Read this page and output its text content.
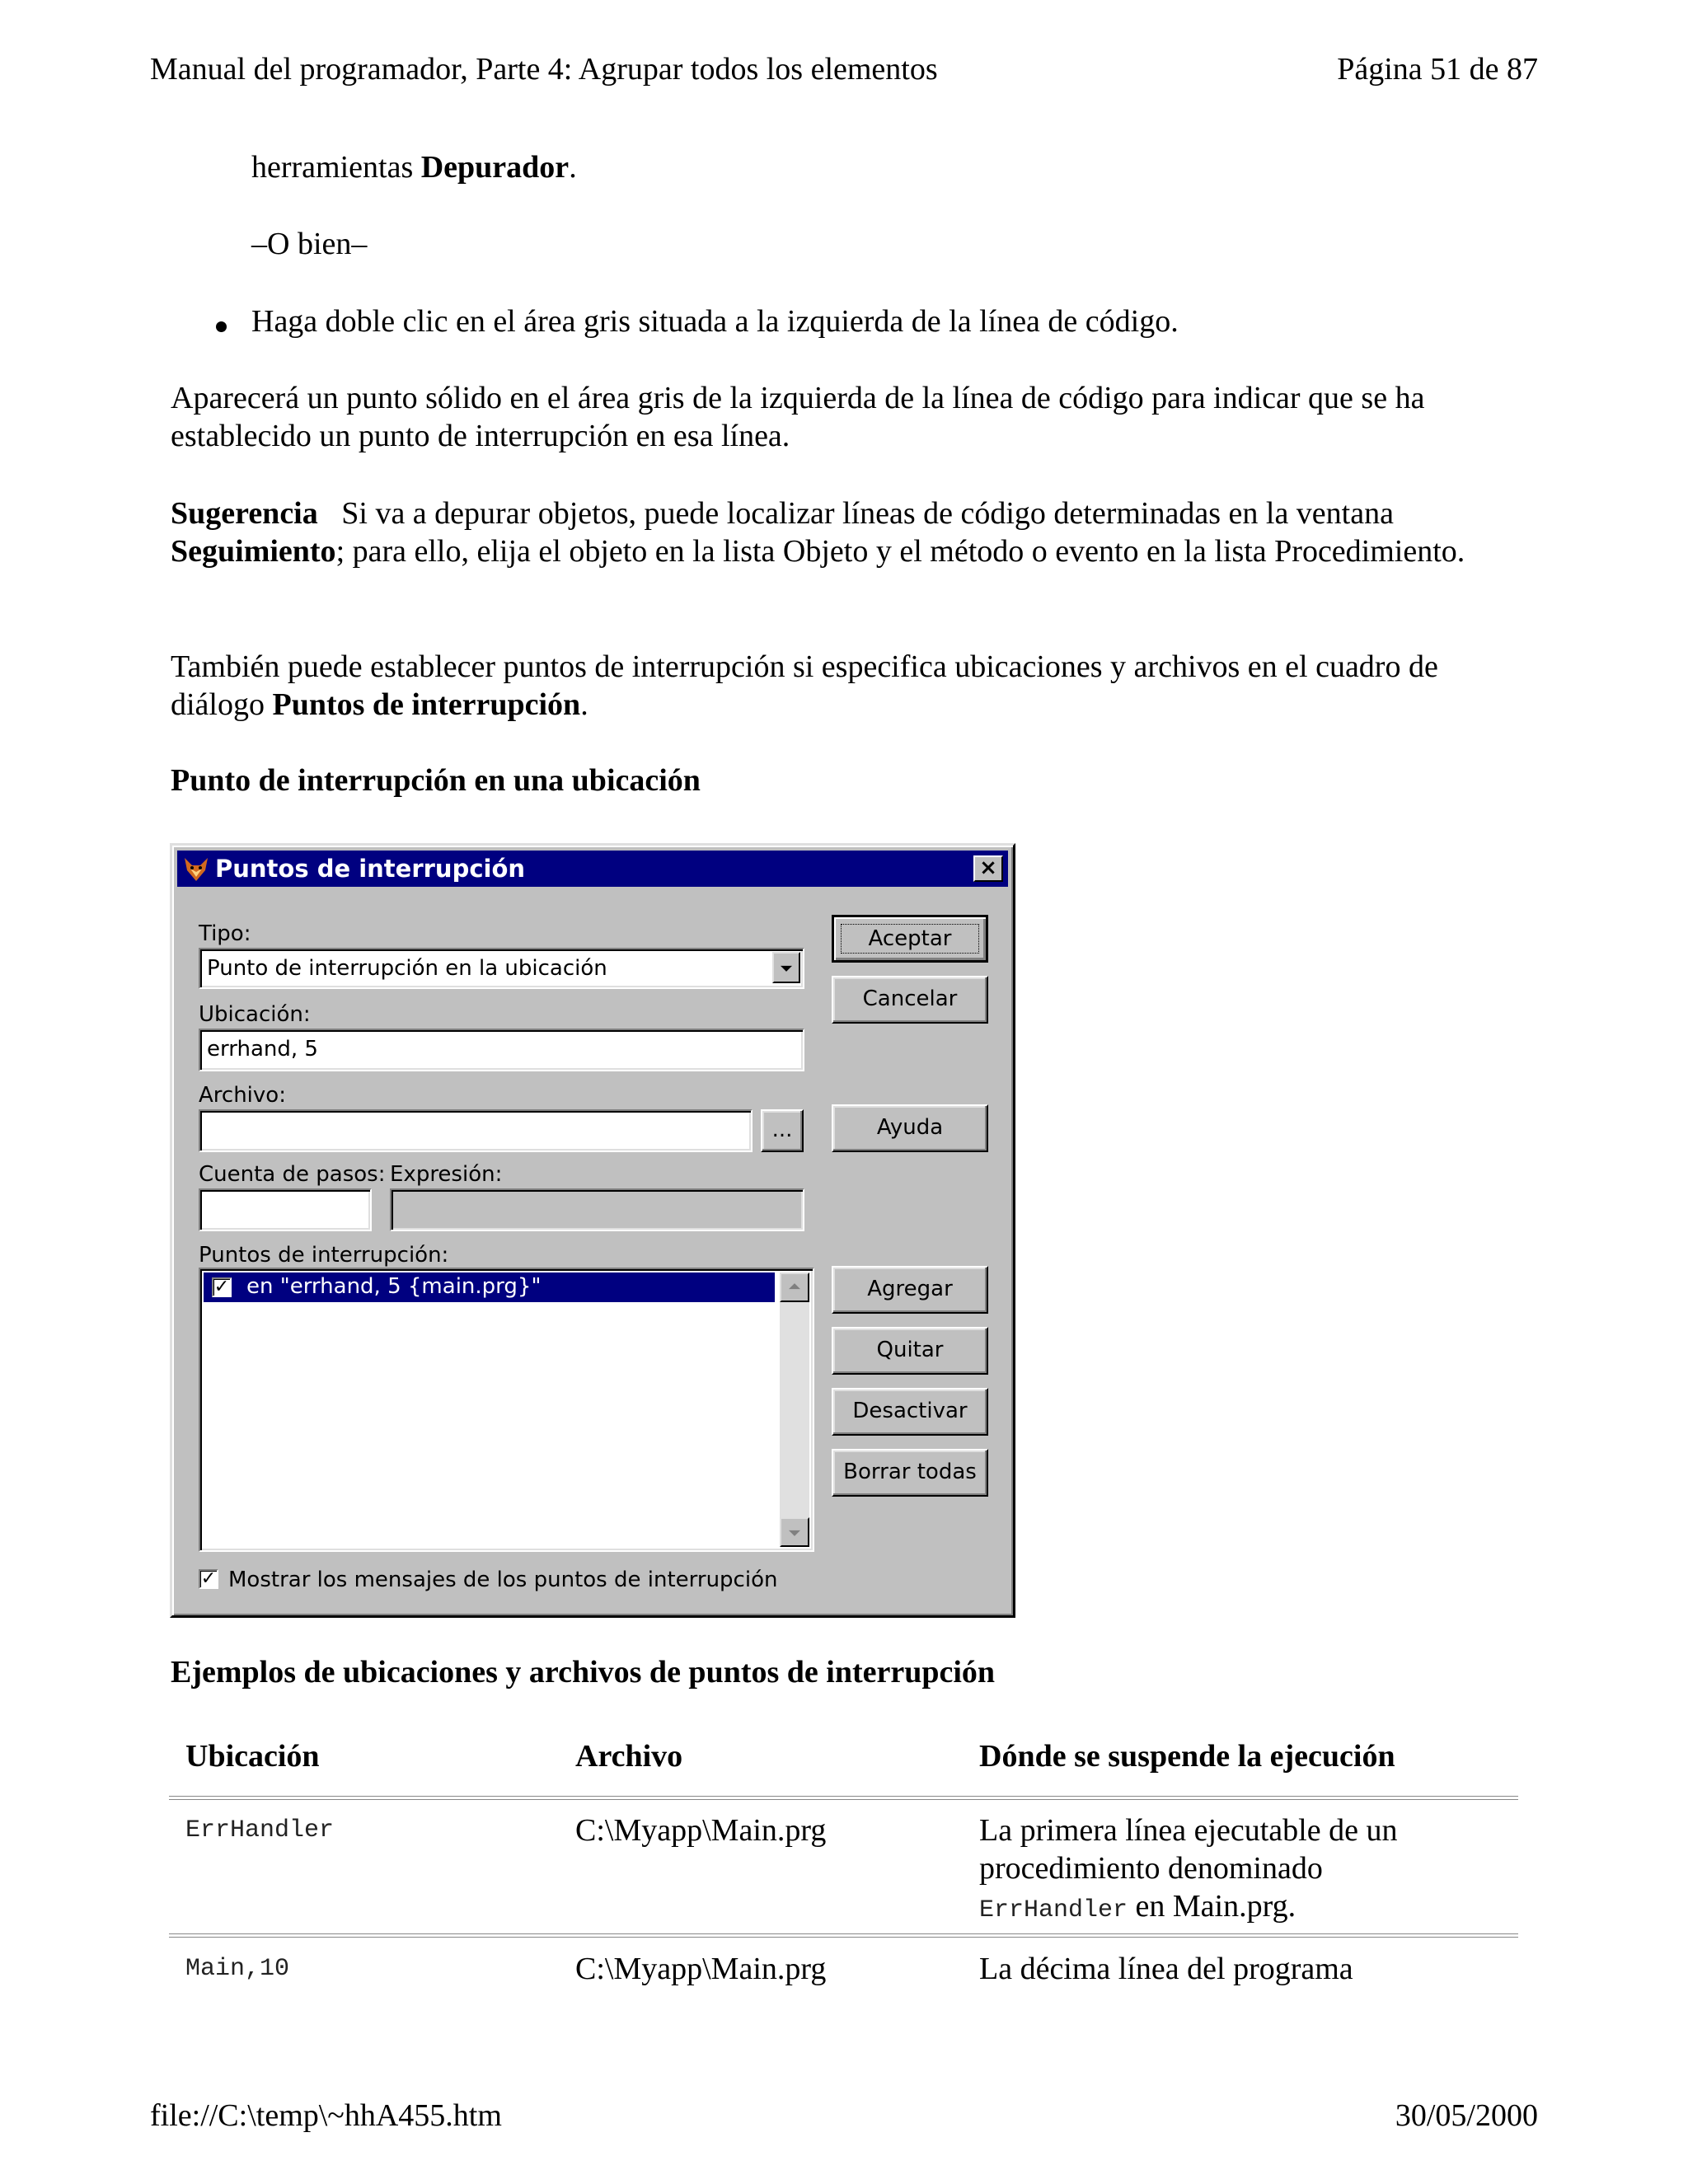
Manual del programador, Parte 4: Agrupar todos los elementos	Página 51 de 87

herramientas Depurador.

–O bien–

Haga doble clic en el área gris situada a la izquierda de la línea de código.

Aparecerá un punto sólido en el área gris de la izquierda de la línea de código para indicar que se ha establecido un punto de interrupción en esa línea.

Sugerencia   Si va a depurar objetos, puede localizar líneas de código determinadas en la ventana Seguimiento; para ello, elija el objeto en la lista Objeto y el método o evento en la lista Procedimiento.

También puede establecer puntos de interrupción si especifica ubicaciones y archivos en el cuadro de diálogo Puntos de interrupción.

Punto de interrupción en una ubicación

Puntos de interrupción	×
Tipo:
Punto de interrupción en la ubicación
Ubicación:
errhand, 5
Archivo:
...
Cuenta de pasos: Expresión:
Puntos de interrupción:
✓ en "errhand, 5 {main.prg}"
✓ Mostrar los mensajes de los puntos de interrupción
Aceptar
Cancelar
Ayuda
Agregar
Quitar
Desactivar
Borrar todas

Ejemplos de ubicaciones y archivos de puntos de interrupción

Ubicación	Archivo	Dónde se suspende la ejecución
ErrHandler	C:\Myapp\Main.prg	La primera línea ejecutable de un procedimiento denominado
ErrHandler en Main.prg.
Main,10	C:\Myapp\Main.prg	La décima línea del programa
file://C:\temp\~hhA455.htm	30/05/2000
